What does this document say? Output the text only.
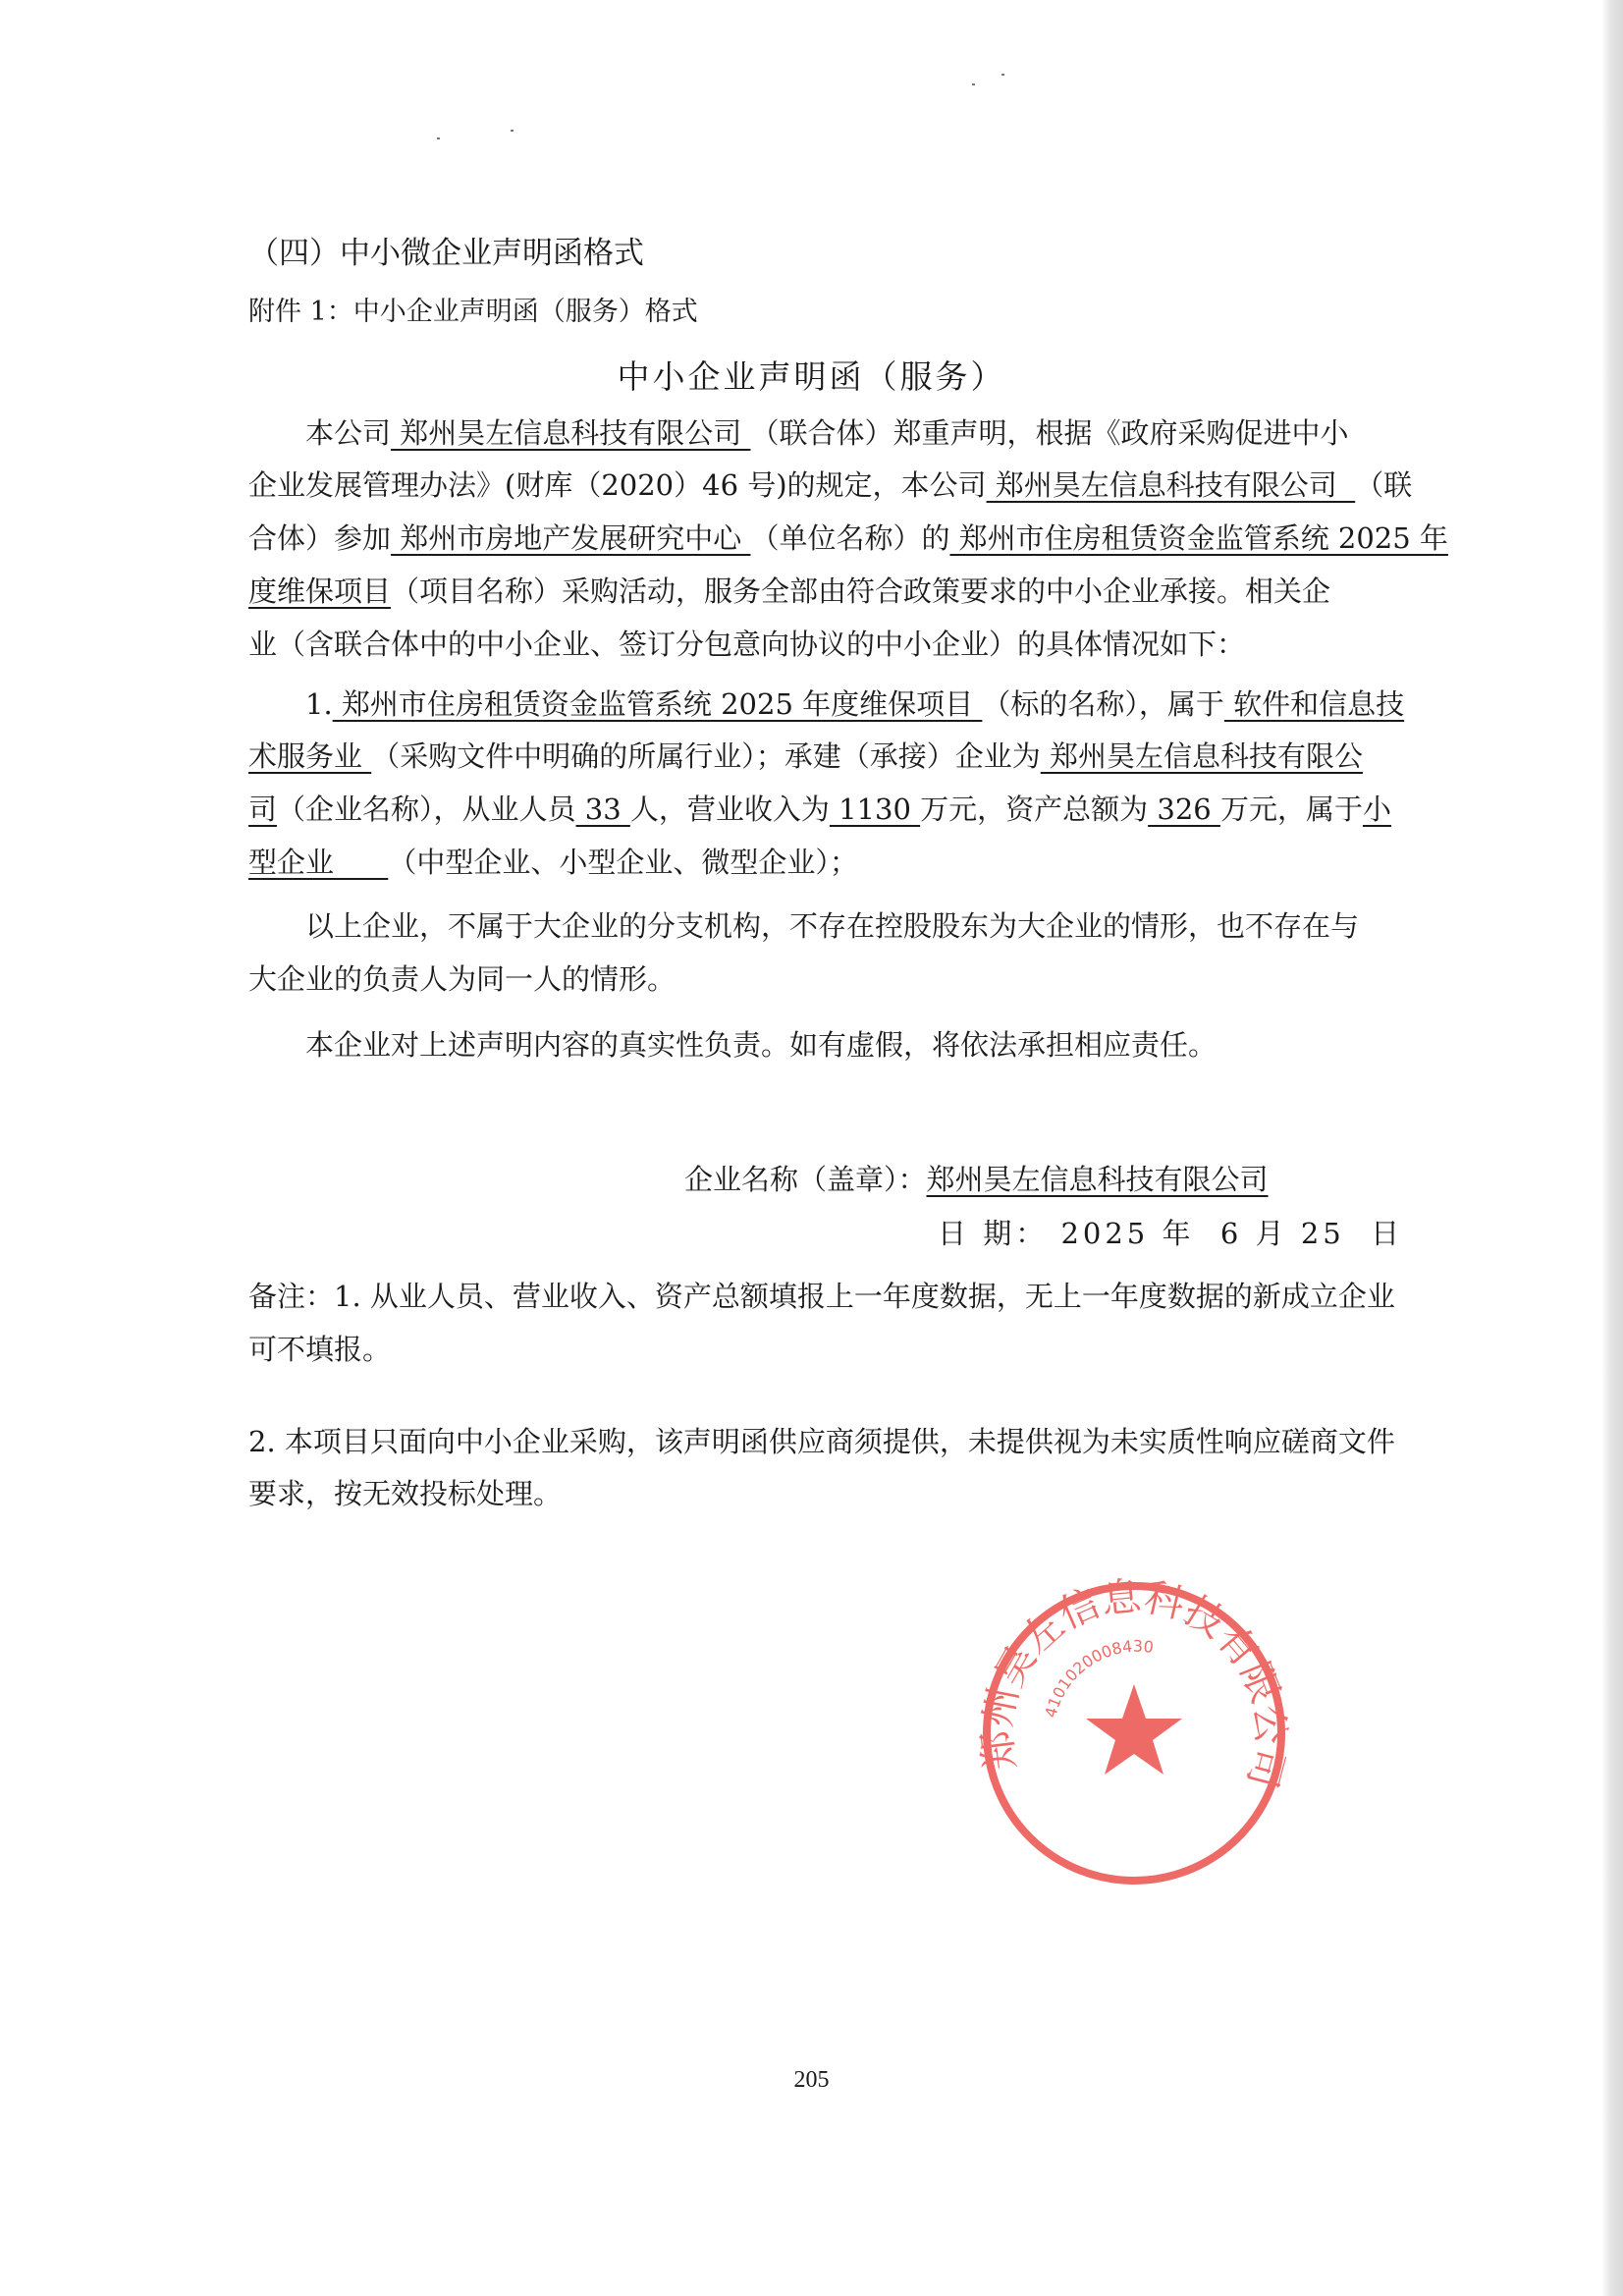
（四）中小微企业声明函格式
附件 1：中小企业声明函（服务）格式
中小企业声明函（服务）
本公司 郑州昊左信息科技有限公司 （联合体）郑重声明，根据《政府采购促进中小
企业发展管理办法》(财库（2020）46 号)的规定，本公司 郑州昊左信息科技有限公司  （联
合体）参加 郑州市房地产发展研究中心 （单位名称）的 郑州市住房租赁资金监管系统 2025 年
度维保项目（项目名称）采购活动，服务全部由符合政策要求的中小企业承接。相关企
业（含联合体中的中小企业、签订分包意向协议的中小企业）的具体情况如下：
1. 郑州市住房租赁资金监管系统 2025 年度维保项目 （标的名称），属于 软件和信息技
术服务业 （采购文件中明确的所属行业）；承建（承接）企业为 郑州昊左信息科技有限公
司（企业名称），从业人员 33 人，营业收入为 1130 万元，资产总额为 326 万元，属于小
型企业      （中型企业、小型企业、微型企业）；
以上企业，不属于大企业的分支机构，不存在控股股东为大企业的情形，也不存在与
大企业的负责人为同一人的情形。
本企业对上述声明内容的真实性负责。如有虚假，将依法承担相应责任。
企业名称（盖章）：郑州昊左信息科技有限公司
日 期： 2025 年 6 月 25 日
备注：1. 从业人员、营业收入、资产总额填报上一年度数据，无上一年度数据的新成立企业
可不填报。
2. 本项目只面向中小企业采购，该声明函供应商须提供，未提供视为未实质性响应磋商文件
要求，按无效投标处理。
郑州昊左信息科技有限公司
4101020008430
205
